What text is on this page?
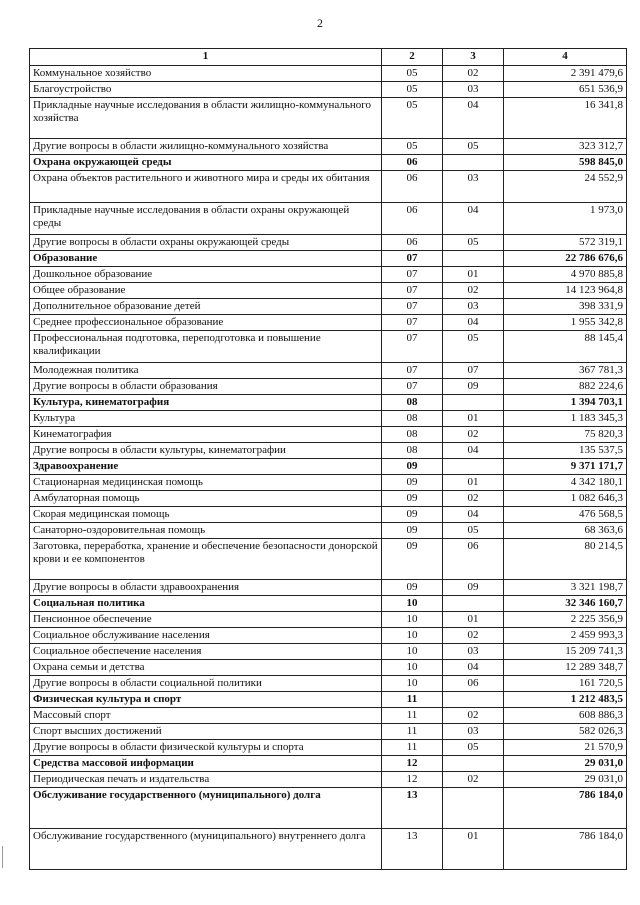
2
1	2	3	4
Коммунальное хозяйство	05	02	2 391 479,6
Благоустройство	05	03	651 536,9
Прикладные научные исследования в области жилищно-коммунального хозяйства	05	04	16 341,8
Другие вопросы в области жилищно-коммунального хозяйства	05	05	323 312,7
Охрана окружающей среды	06		598 845,0
Охрана объектов растительного и животного мира и среды их обитания	06	03	24 552,9
Прикладные научные исследования в области охраны окружающей среды	06	04	1 973,0
Другие вопросы в области охраны окружающей среды	06	05	572 319,1
Образование	07		22 786 676,6
Дошкольное образование	07	01	4 970 885,8
Общее образование	07	02	14 123 964,8
Дополнительное образование детей	07	03	398 331,9
Среднее профессиональное образование	07	04	1 955 342,8
Профессиональная подготовка, переподготовка и повышение квалификации	07	05	88 145,4
Молодежная политика	07	07	367 781,3
Другие вопросы в области образования	07	09	882 224,6
Культура, кинематография	08		1 394 703,1
Культура	08	01	1 183 345,3
Кинематография	08	02	75 820,3
Другие вопросы в области культуры, кинематографии	08	04	135 537,5
Здравоохранение	09		9 371 171,7
Стационарная медицинская помощь	09	01	4 342 180,1
Амбулаторная помощь	09	02	1 082 646,3
Скорая медицинская помощь	09	04	476 568,5
Санаторно-оздоровительная помощь	09	05	68 363,6
Заготовка, переработка, хранение и обеспечение безопасности донорской крови и ее компонентов	09	06	80 214,5
Другие вопросы в области здравоохранения	09	09	3 321 198,7
Социальная политика	10		32 346 160,7
Пенсионное обеспечение	10	01	2 225 356,9
Социальное обслуживание населения	10	02	2 459 993,3
Социальное обеспечение населения	10	03	15 209 741,3
Охрана семьи и детства	10	04	12 289 348,7
Другие вопросы в области социальной политики	10	06	161 720,5
Физическая культура и спорт	11		1 212 483,5
Массовый спорт	11	02	608 886,3
Спорт высших достижений	11	03	582 026,3
Другие вопросы в области физической культуры и спорта	11	05	21 570,9
Средства массовой информации	12		29 031,0
Периодическая печать и издательства	12	02	29 031,0
Обслуживание государственного (муниципального) долга	13		786 184,0
Обслуживание государственного (муниципального) внутреннего долга	13	01	786 184,0
